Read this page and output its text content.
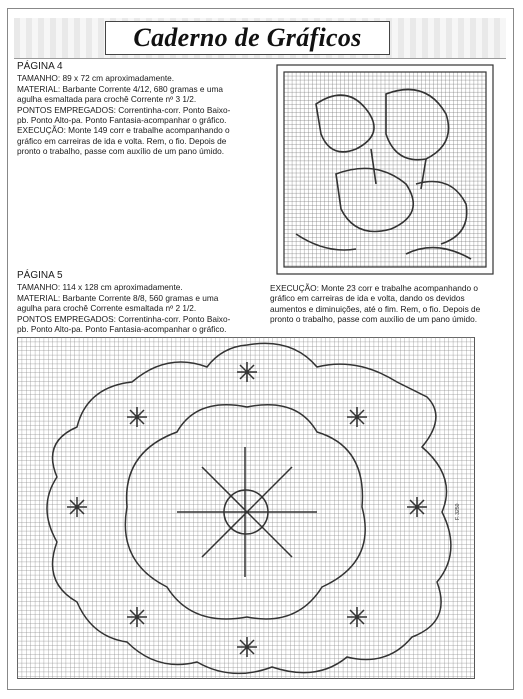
Caderno de Gráficos
PÁGINA 4
TAMANHO: 89 x 72 cm aproximadamente.
MATERIAL: Barbante Corrente 4/12, 680 gramas e uma
agulha esmaltada para crochê Corrente nº 3 1/2.
PONTOS EMPREGADOS: Correntinha-corr. Ponto Baixo-
pb. Ponto Alto-pa. Ponto Fantasia-acompanhar o gráfico.
EXECUÇÃO: Monte 149 corr e trabalhe acompanhando o
gráfico em carreiras de ida e volta. Rem, o fio. Depois de
pronto o trabalho, passe com auxílio de um pano úmido.
PÁGINA 5
TAMANHO: 114 x 128 cm aproximadamente.
MATERIAL: Barbante Corrente 8/8, 560 gramas e uma
agulha para crochê Corrente esmaltada nº 2 1/2.
PONTOS EMPREGADOS: Correntinha-corr. Ponto Baixo-
pb. Ponto Alto-pa. Ponto Fantasia-acompanhar o gráfico.
EXECUÇÃO: Monte 23 corr e trabalhe acompanhando o
gráfico em carreiras de ida e volta, dando os devidos
aumentos e diminuições, até o fim. Rem, o fio. Depois de
pronto o trabalho, passe com auxílio de um pano úmido.
F. 3250
